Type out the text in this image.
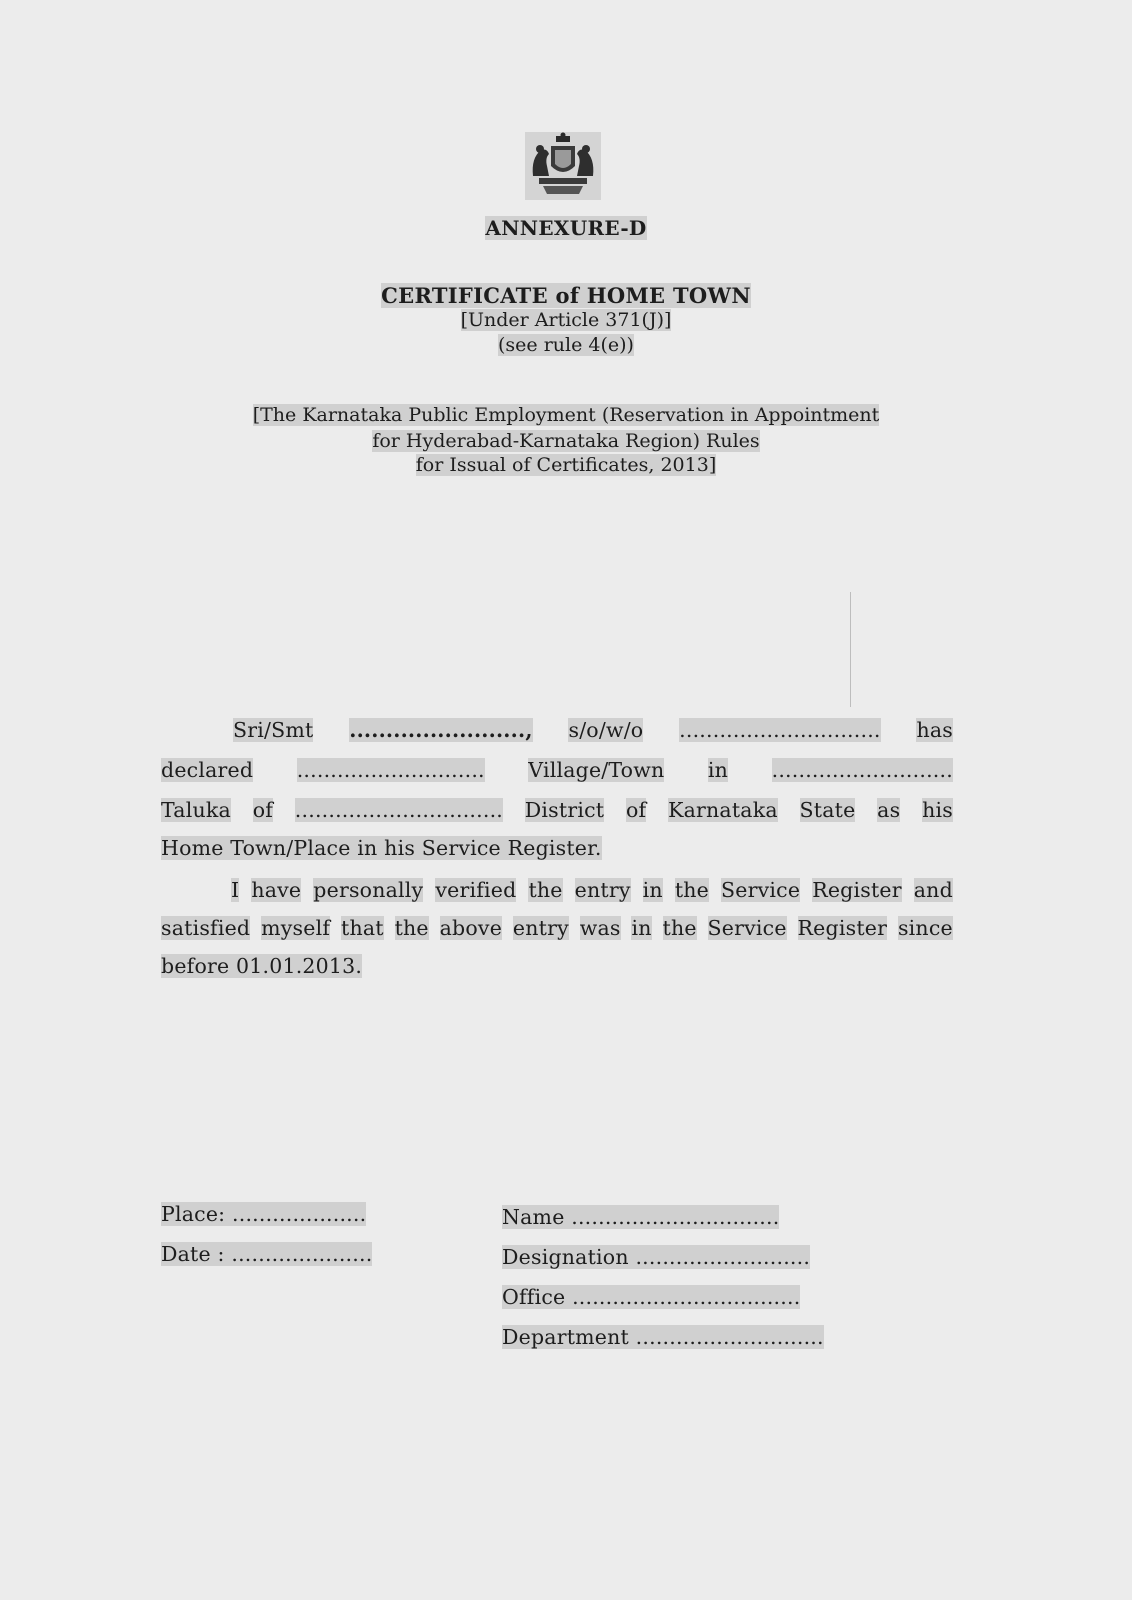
ANNEXURE-D
CERTIFICATE of HOME TOWN
[Under Article 371(J)]
(see rule 4(e))
[The Karnataka Public Employment (Reservation in Appointment
for Hyderabad-Karnataka Region) Rules
for Issual of Certificates, 2013]
Sri/Smt ........................, s/o/w/o .............................. has
declared ............................ Village/Town in ...........................
Taluka of ............................... District of Karnataka State as his
Home Town/Place in his Service Register.
I have personally verified the entry in the Service Register and
satisfied myself that the above entry was in the Service Register since
before 01.01.2013.
Place: ....................
Date : .....................
Name ...............................
Designation ..........................
Office ..................................
Department ............................
